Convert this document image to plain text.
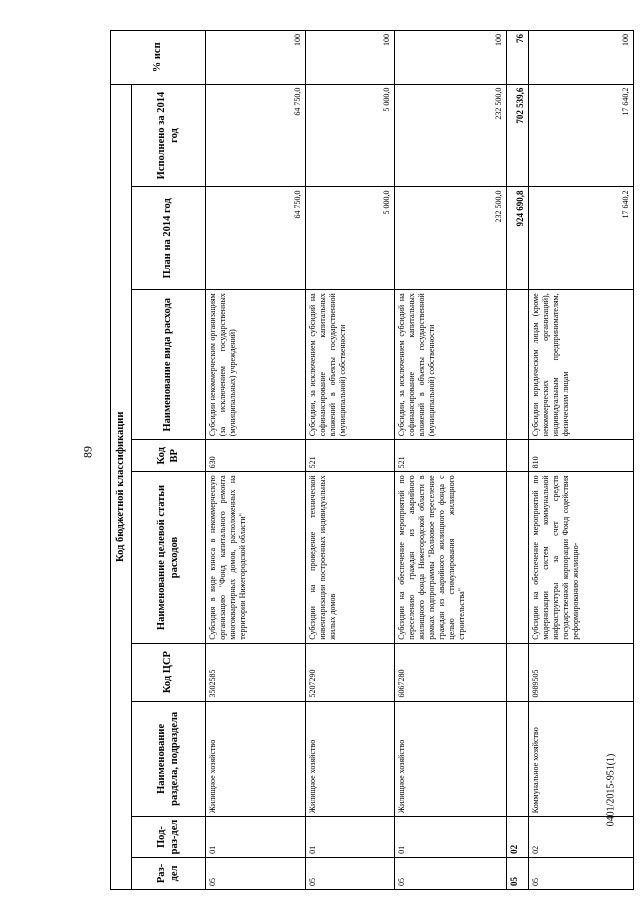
89
0401/2015-951(1)
Код бюджетной классификации									% исп
Раз-дел	Под-раз-дел	Наименование раздела, подраздела	Код ЦСР	Наименование целевой статьи расходов	Код ВР	Наименование вида расхода	План на 2014 год	Исполнено за 2014 год	
05	01	Жилищное хозяйство	3502585	Субсидия в виде взноса в некоммерческую организацию "Фонд капитального ремонта многоквартирных домов, расположенных на территории Нижегородской области"	630	Субсидии некоммерческим организациям (за исключением государственных (муниципальных) учреждений)	64 750,0	64 750,0	100
05	01	Жилищное хозяйство	5207290	Субсидии на проведение технической инвентаризации построенных индивидуальных жилых домов	521	Субсидии, за исключением субсидий на софинансирование капитальных вложений в объекты государственной (муниципальной) собственности	5 000,0	5 000,0	100
05	01	Жилищное хозяйство	6067280	Субсидии на обеспечение мероприятий по переселению граждан из аварийного жилищного фонда Нижегородской области в рамках подпрограммы "Волновое переселение граждан из аварийного жилищного фонда с целью стимулирования жилищного строительства"	521	Субсидии, за исключением субсидий на софинансирование капитальных вложений в объекты государственной (муниципальной) собственности	232 500,0	232 500,0	100
05	02						924 690,8	702 539,6	76
05	02	Коммунальное хозяйство	0989505	Субсидии на обеспечение мероприятий по модернизации систем коммунальной инфраструктуры за счет средств государственной корпорации Фонд содействия реформированию жилищно-	810	Субсидии юридическим лицам (кроме некоммерческих организаций), индивидуальным предпринимателям, физическим лицам	17 640,2	17 640,2	100
